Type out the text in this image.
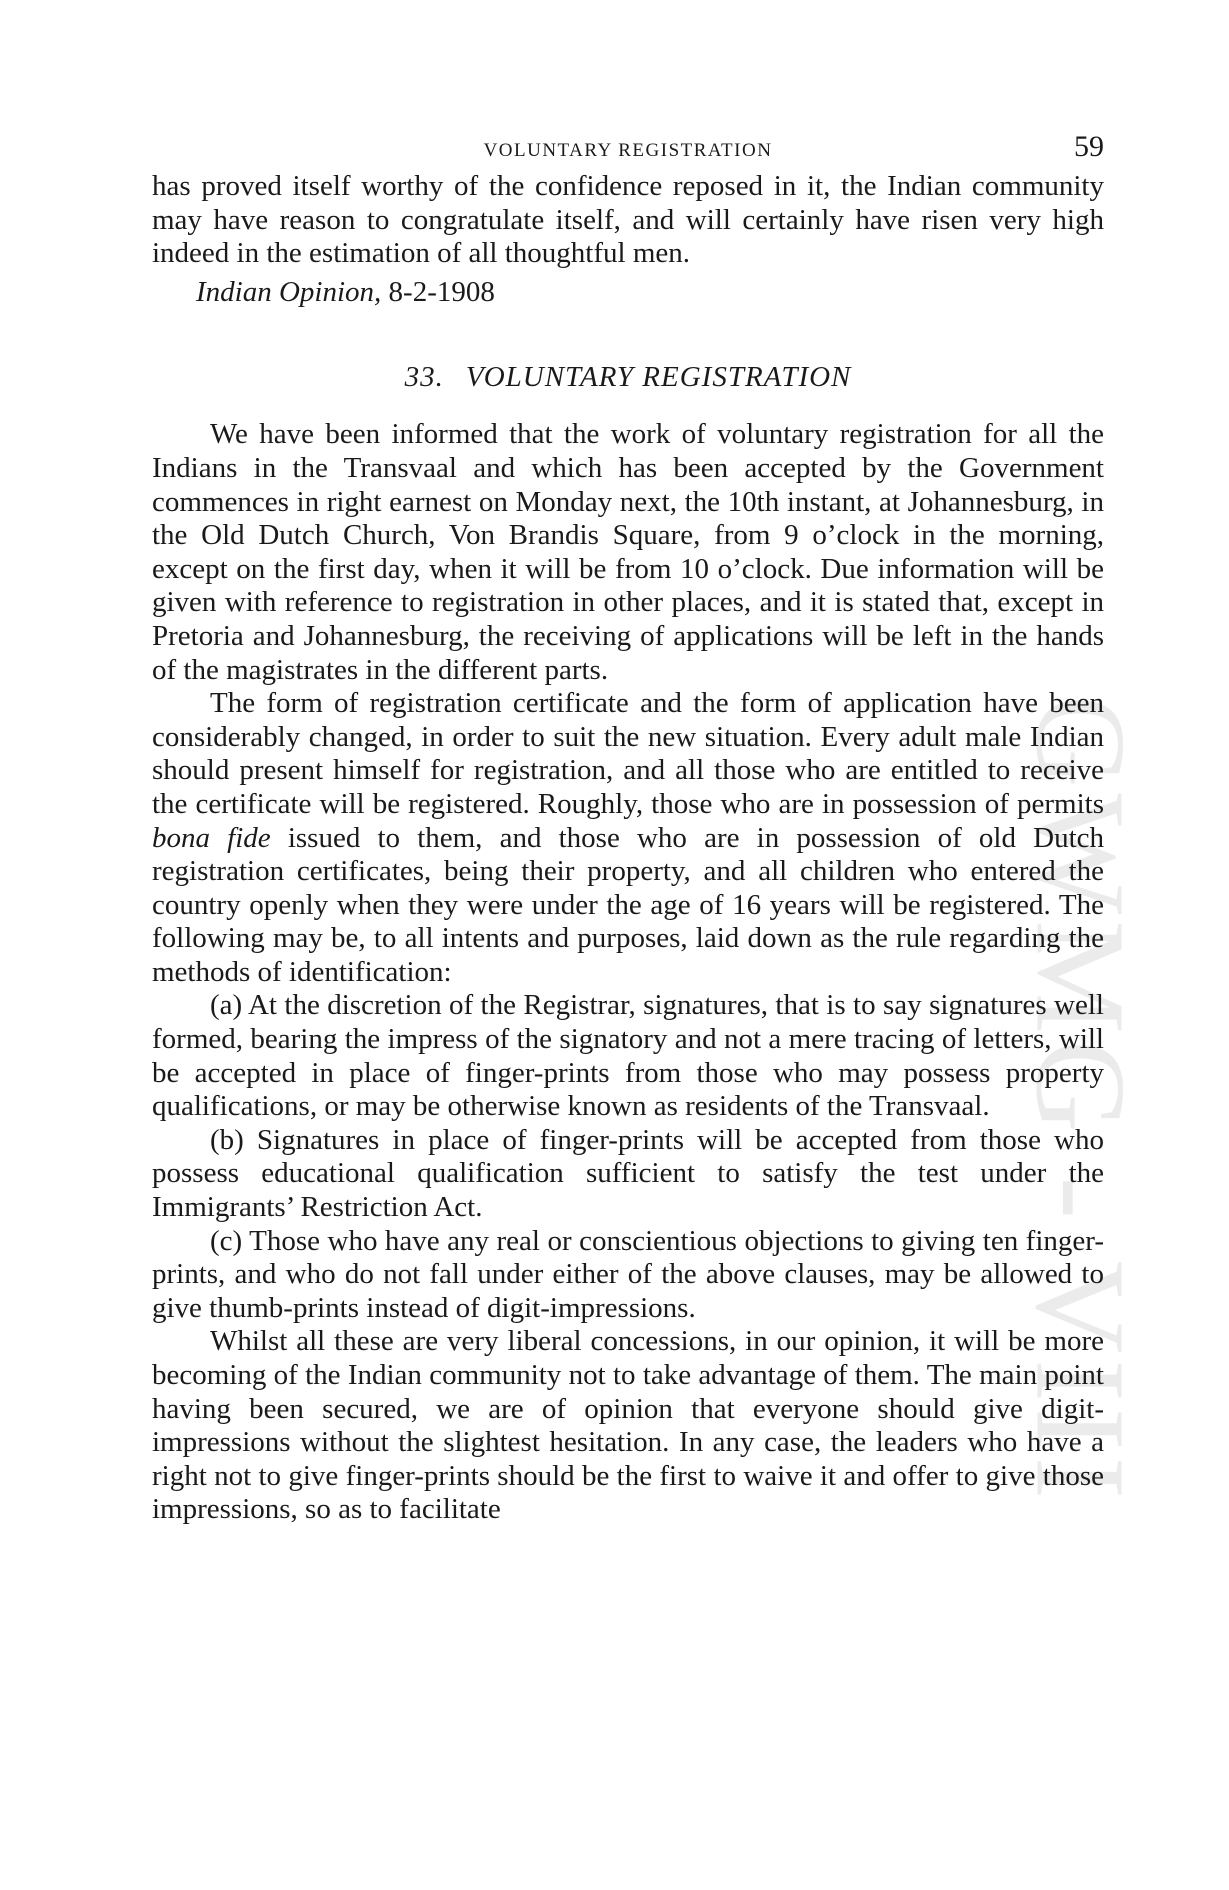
GWMG - VIII
VOLUNTARY REGISTRATION	59

has proved itself worthy of the confidence reposed in it, the Indian community may have reason to congratulate itself, and will certainly have risen very high indeed in the estimation of all thoughtful men.

Indian Opinion, 8-2-1908
33. VOLUNTARY REGISTRATION

We have been informed that the work of voluntary registration for all the Indians in the Transvaal and which has been accepted by the Government commences in right earnest on Monday next, the 10th instant, at Johannesburg, in the Old Dutch Church, Von Brandis Square, from 9 o’clock in the morning, except on the first day, when it will be from 10 o’clock. Due information will be given with reference to registration in other places, and it is stated that, except in Pretoria and Johannesburg, the receiving of applications will be left in the hands of the magistrates in the different parts.

The form of registration certificate and the form of application have been considerably changed, in order to suit the new situation. Every adult male Indian should present himself for registration, and all those who are entitled to receive the certificate will be registered. Roughly, those who are in possession of permits bona fide issued to them, and those who are in possession of old Dutch registration certificates, being their property, and all children who entered the country openly when they were under the age of 16 years will be registered. The following may be, to all intents and purposes, laid down as the rule regarding the methods of identification:

(a) At the discretion of the Registrar, signatures, that is to say signatures well formed, bearing the impress of the signatory and not a mere tracing of letters, will be accepted in place of finger-prints from those who may possess property qualifications, or may be otherwise known as residents of the Transvaal.

(b) Signatures in place of finger-prints will be accepted from those who possess educational qualification sufficient to satisfy the test under the Immigrants’ Restriction Act.

(c) Those who have any real or conscientious objections to giving ten finger-prints, and who do not fall under either of the above clauses, may be allowed to give thumb-prints instead of digit-impressions.

Whilst all these are very liberal concessions, in our opinion, it will be more becoming of the Indian community not to take advantage of them. The main point having been secured, we are of opinion that everyone should give digit-impressions without the slightest hesitation. In any case, the leaders who have a right not to give finger-prints should be the first to waive it and offer to give those impressions, so as to facilitate
